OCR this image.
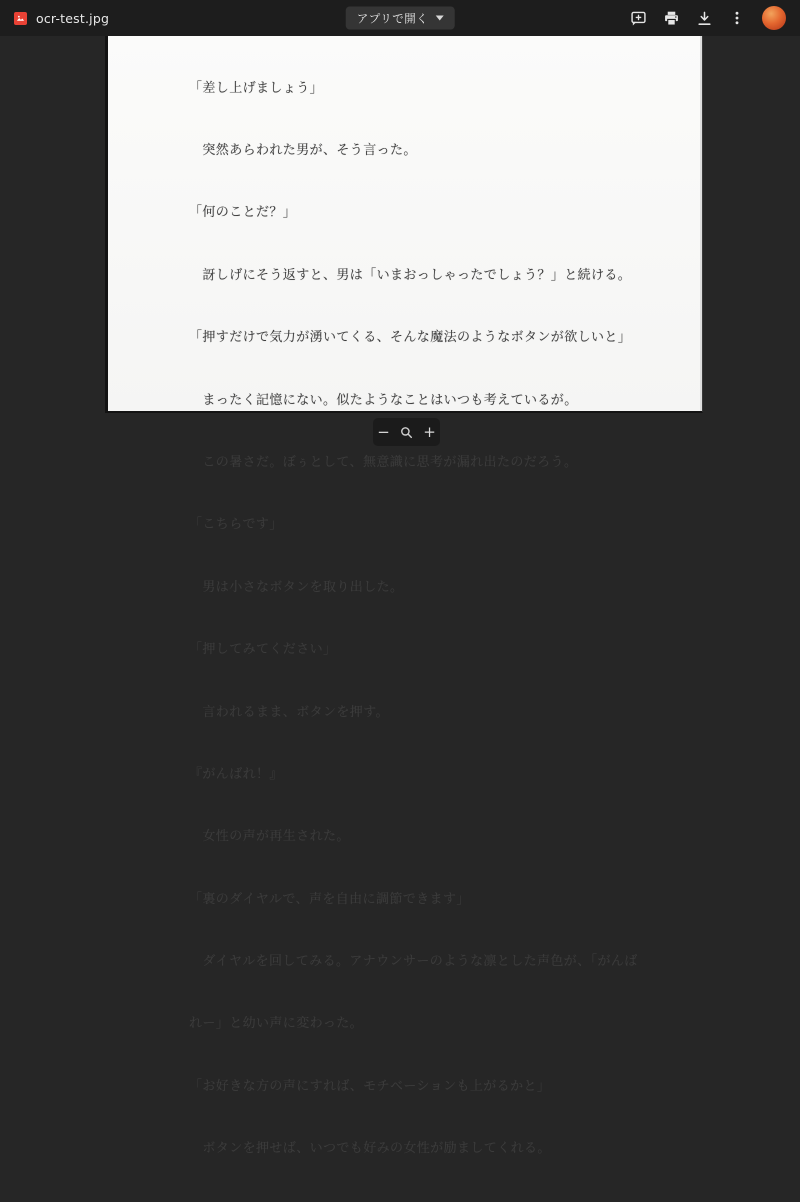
ocr-test.jpg	アプリで開く

「差し上げましょう」

　突然あらわれた男が、そう言った。

「何のことだ？」

　訝しげにそう返すと、男は「いまおっしゃったでしょう？」と続ける。

「押すだけで気力が湧いてくる、そんな魔法のようなボタンが欲しいと」

　まったく記憶にない。似たようなことはいつも考えているが。

　この暑さだ。ぼぅとして、無意識に思考が漏れ出たのだろう。

「こちらです」

　男は小さなボタンを取り出した。

「押してみてください」

　言われるまま、ボタンを押す。

『がんばれ！』

　女性の声が再生された。

「裏のダイヤルで、声を自由に調節できます」

　ダイヤルを回してみる。アナウンサーのような凛とした声色が、「がんば

れー」と幼い声に変わった。

「お好きな方の声にすれば、モチベーションも上がるかと」

　ボタンを押せば、いつでも好みの女性が励ましてくれる。

− +
